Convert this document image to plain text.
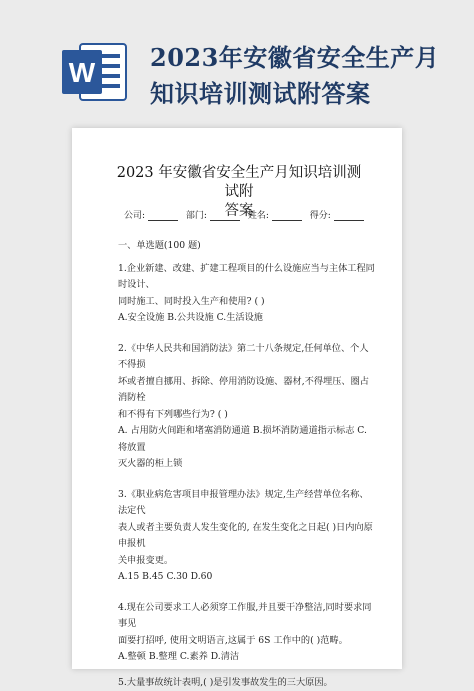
W 2023年安徽省安全生产月
知识培训测试附答案
2023 年安徽省安全生产月知识培训测试附
答案
公司:	部门:	姓名:	得分:

一、单选题(100 题)

1.企业新建、改建、扩建工程项目的什么设施应当与主体工程同时设计、

同时施工、同时投入生产和使用? ( )

A.安全设施 B.公共设施 C.生活设施

2.《中华人民共和国消防法》第二十八条规定,任何单位、个人不得损

坏或者擅自挪用、拆除、停用消防设施、器材,不得埋压、圈占消防栓

和不得有下列哪些行为? ( )

A. 占用防火间距和堵塞消防通道 B.损坏消防通道指示标志 C.将放置

灭火器的柜上锁

3.《职业病危害项目申报管理办法》规定,生产经营单位名称、法定代

表人或者主要负责人发生变化的, 在发生变化之日起( )日内向原申报机

关申报变更。

A.15 B.45 C.30 D.60

4.现在公司要求工人必须穿工作服,并且要干净整洁,同时要求同事见

面要打招呼, 使用文明语言,这属于 6S 工作中的( )范畴。

A.整顿 B.整理 C.素养 D.清洁

5.大量事故统计表明,( )是引发事故发生的三大原因。
